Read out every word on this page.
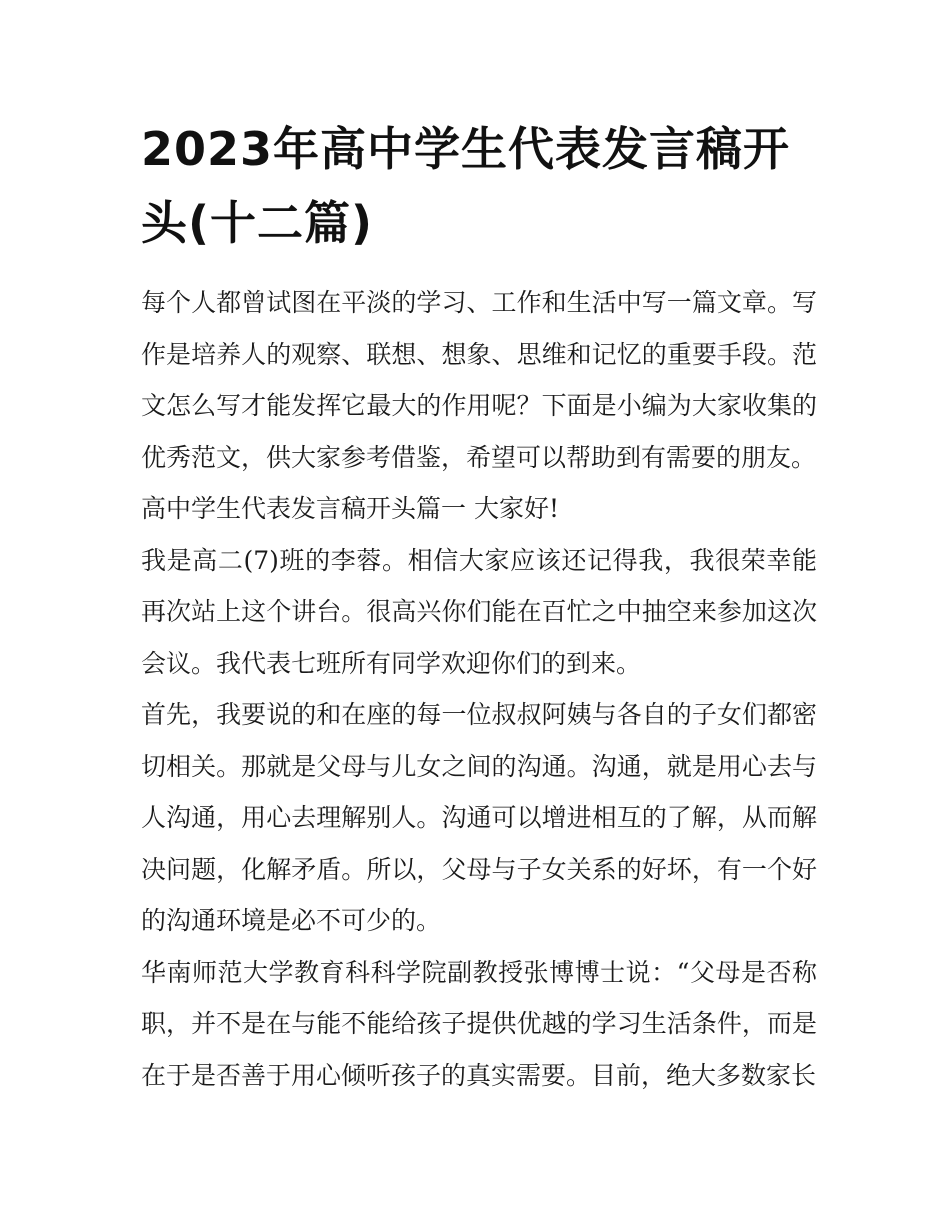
2023年高中学生代表发言稿开头(十二篇)

每个人都曾试图在平淡的学习、工作和生活中写一篇文章。写作是培养人的观察、联想、想象、思维和记忆的重要手段。范文怎么写才能发挥它最大的作用呢？下面是小编为大家收集的优秀范文，供大家参考借鉴，希望可以帮助到有需要的朋友。

高中学生代表发言稿开头篇一 大家好!

我是高二(7)班的李蓉。相信大家应该还记得我，我很荣幸能再次站上这个讲台。很高兴你们能在百忙之中抽空来参加这次会议。我代表七班所有同学欢迎你们的到来。

首先，我要说的和在座的每一位叔叔阿姨与各自的子女们都密切相关。那就是父母与儿女之间的沟通。沟通，就是用心去与人沟通，用心去理解别人。沟通可以增进相互的了解，从而解决问题，化解矛盾。所以，父母与子女关系的好坏，有一个好的沟通环境是必不可少的。

华南师范大学教育科科学院副教授张博博士说：“父母是否称职，并不是在与能不能给孩子提供优越的学习生活条件，而是在于是否善于用心倾听孩子的真实需要。目前，绝大多数家长
